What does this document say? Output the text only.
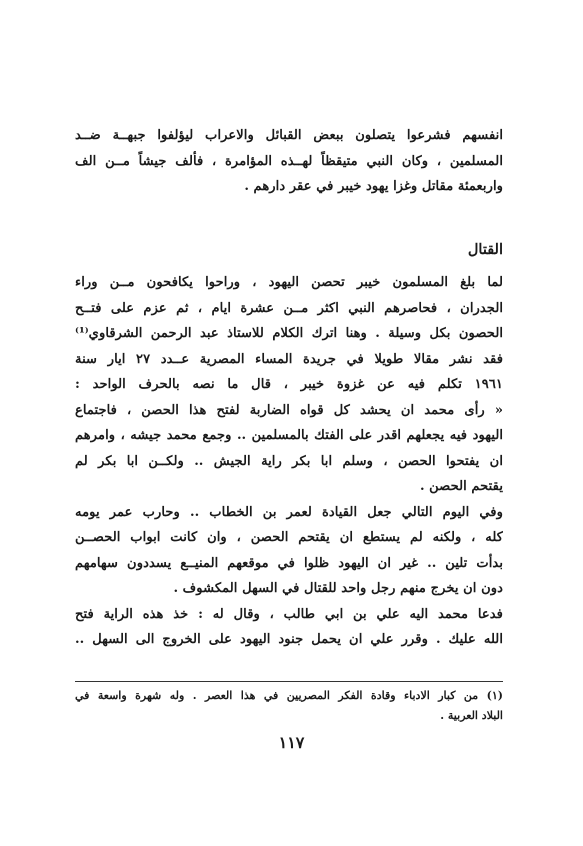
انفسهم فشرعوا يتصلون ببعض القبائل والاعراب ليؤلفوا جبهــة ضــد
المسلمين ، وكان النبي متيقظاً لهــذه المؤامرة ، فألف جيشاً مــن الف
واربعمئة مقاتل وغزا يهود خيبر في عقر دارهم .
القتال
لما بلغ المسلمون خيبر تحصن اليهود ، وراحوا يكافحون مــن وراء
الجدران ، فحاصرهم النبي اكثر مــن عشرة ايام ، ثم عزم على فتــح
الحصون بكل وسيلة . وهنا اترك الكلام للاستاذ عبد الرحمن الشرقاوي⁽¹⁾
فقد نشر مقالا طويلا في جريدة المساء المصرية عــدد ٢٧ ايار سنة
١٩٦١ تكلم فيه عن غزوة خيبر ، قال ما نصه بالحرف الواحد :
« رأى محمد ان يحشد كل قواه الضاربة لفتح هذا الحصن ، فاجتماع
اليهود فيه يجعلهم اقدر على الفتك بالمسلمين .. وجمع محمد جيشه ، وامرهم
ان يفتحوا الحصن ، وسلم ابا بكر راية الجيش .. ولكــن ابا بكر لم
يقتحم الحصن .
وفي اليوم التالي جعل القيادة لعمر بن الخطاب .. وحارب عمر يومه
كله ، ولكنه لم يستطع ان يقتحم الحصن ، وان كانت ابواب الحصــن
بدأت تلين .. غير ان اليهود ظلوا في موقعهم المنيــع يسددون سهامهم
دون ان يخرج منهم رجل واحد للقتال في السهل المكشوف .
فدعا محمد اليه علي بن ابي طالب ، وقال له : خذ هذه الراية فتح
الله عليك . وقرر علي ان يحمل جنود اليهود على الخروج الى السهل ..
(١) من كبار الادباء وقادة الفكر المصريين في هذا العصر . وله شهرة واسعة في
البلاد العربية .
١١٧
